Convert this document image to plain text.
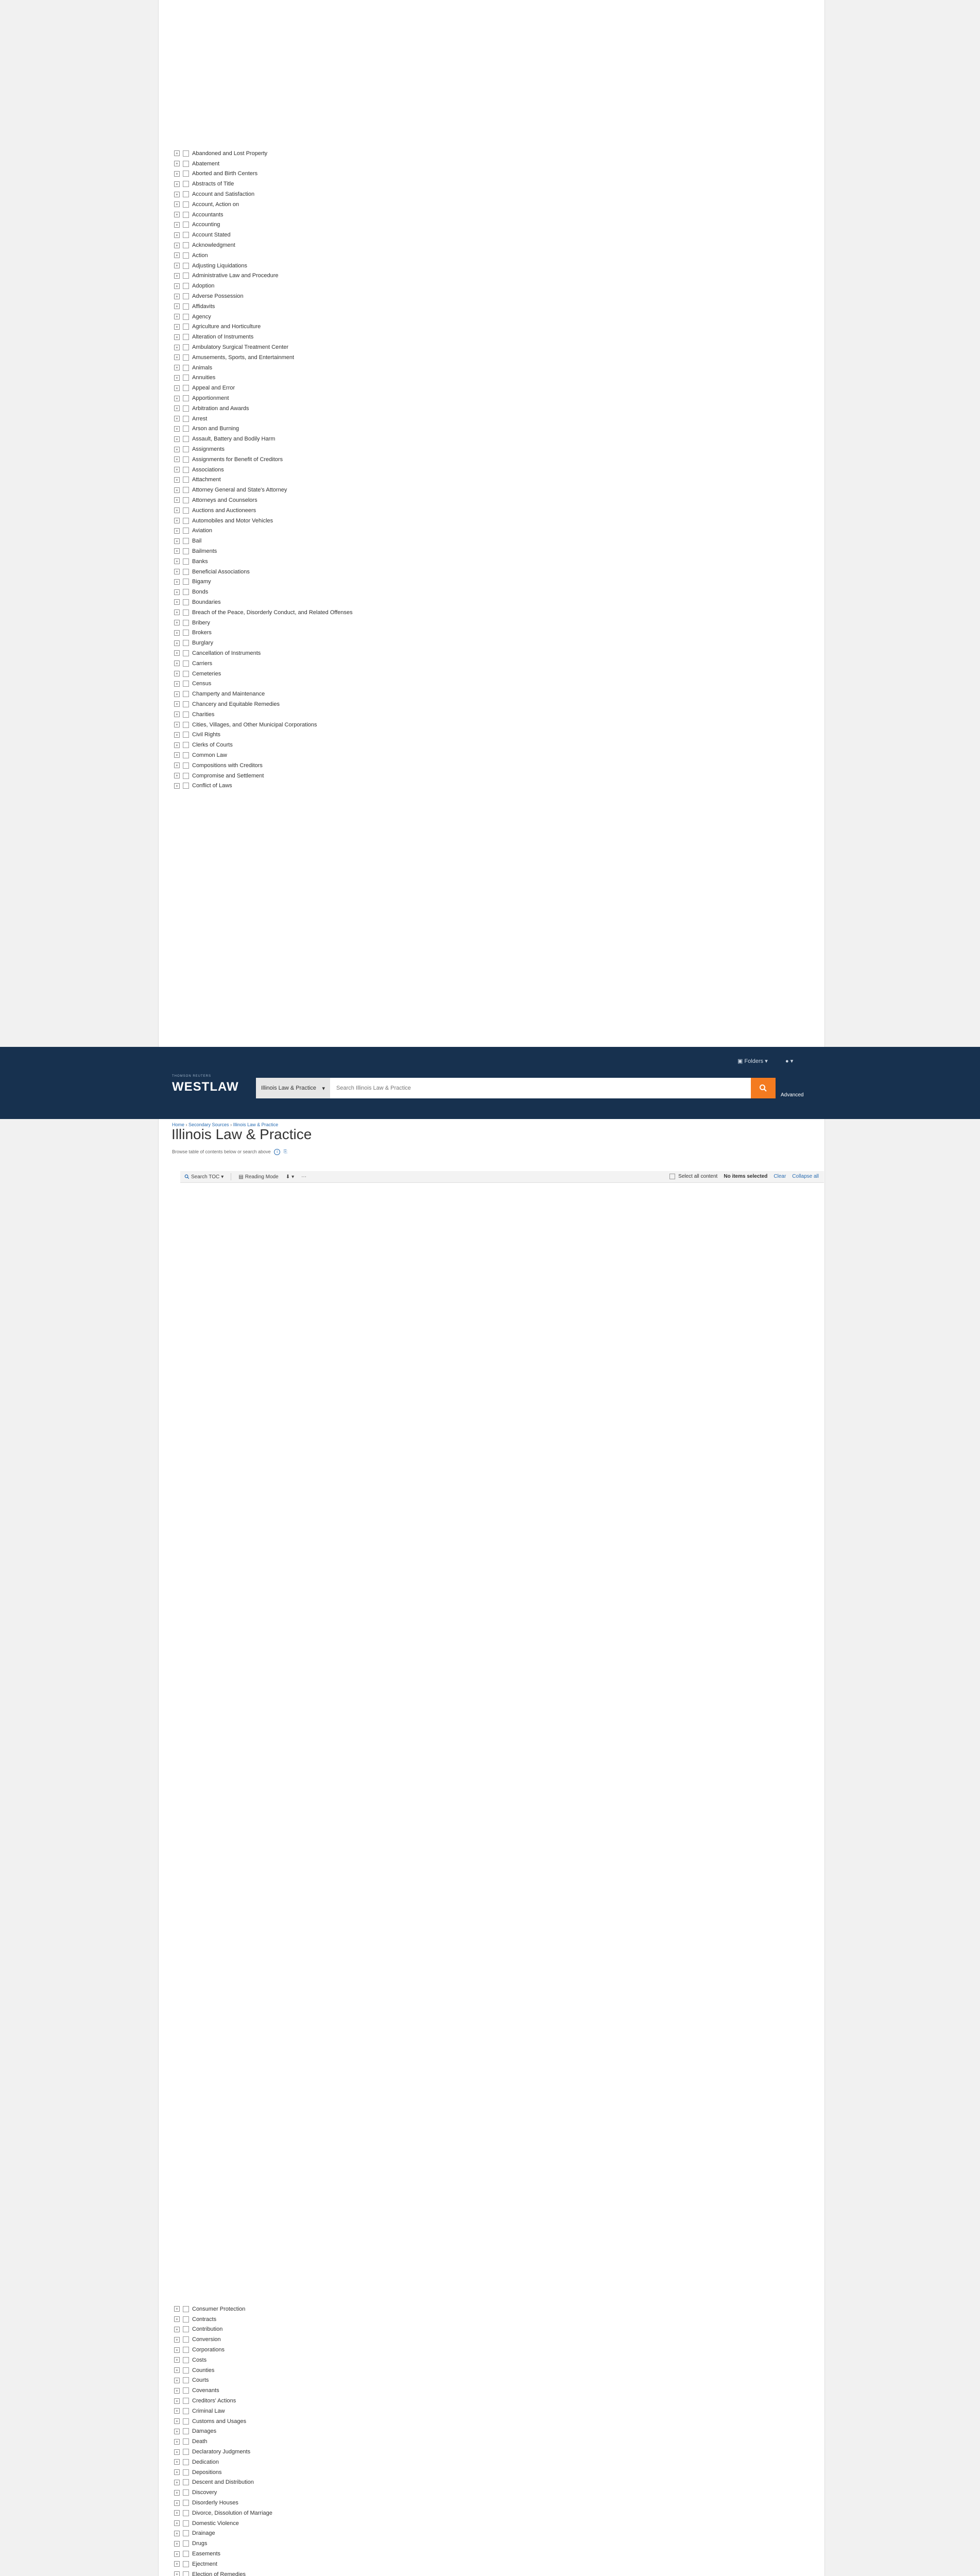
+ Abandoned and Lost Property
+ Abatement
+ Aborted and Birth Centers
+ Abstracts of Title
+ Account and Satisfaction
+ Account, Action on
+ Accountants
+ Accounting
+ Account Stated
+ Acknowledgment
+ Action
+ Adjusting Liquidations
+ Administrative Law and Procedure
+ Adoption
+ Adverse Possession
+ Affidavits
+ Agency
+ Agriculture and Horticulture
+ Alteration of Instruments
+ Ambulatory Surgical Treatment Center
+ Amusements, Sports, and Entertainment
+ Animals
+ Annuities
+ Appeal and Error
+ Apportionment
+ Arbitration and Awards
+ Arrest
+ Arson and Burning
+ Assault, Battery and Bodily Harm
+ Assignments
+ Assignments for Benefit of Creditors
+ Associations
+ Attachment
+ Attorney General and State's Attorney
+ Attorneys and Counselors
+ Auctions and Auctioneers
+ Automobiles and Motor Vehicles
+ Aviation
+ Bail
+ Bailments
+ Banks
+ Beneficial Associations
+ Bigamy
+ Bonds
+ Boundaries
+ Breach of the Peace, Disorderly Conduct, and Related Offenses
+ Bribery
+ Brokers
+ Burglary
+ Cancellation of Instruments
+ Carriers
+ Cemeteries
+ Census
+ Champerty and Maintenance
+ Chancery and Equitable Remedies
+ Charities
+ Cities, Villages, and Other Municipal Corporations
+ Civil Rights
+ Clerks of Courts
+ Common Law
+ Compositions with Creditors
+ Compromise and Settlement
+ Conflict of Laws
THOMSON REUTERS
WESTLAW
▣ Folders ▾	● ▾
Illinois Law & Practice ▾
Search Illinois Law & Practice
Advanced
+ Consumer Protection
+ Contracts
+ Contribution
+ Conversion
+ Corporations
+ Costs
+ Counties
+ Courts
+ Covenants
+ Creditors' Actions
+ Criminal Law
+ Customs and Usages
+ Damages
+ Death
+ Declaratory Judgments
+ Dedication
+ Depositions
+ Descent and Distribution
+ Discovery
+ Disorderly Houses
+ Divorce, Dissolution of Marriage
+ Domestic Violence
+ Drainage
+ Drugs
+ Easements
+ Ejectment
+ Election of Remedies
Home › Secondary Sources › Illinois Law & Practice
Illinois Law & Practice
Browse table of contents below or search above i ⎘
Search TOC ▾	▤ Reading Mode ⬇ ▾ ⋯	Select all content No items selected Clear Collapse all
